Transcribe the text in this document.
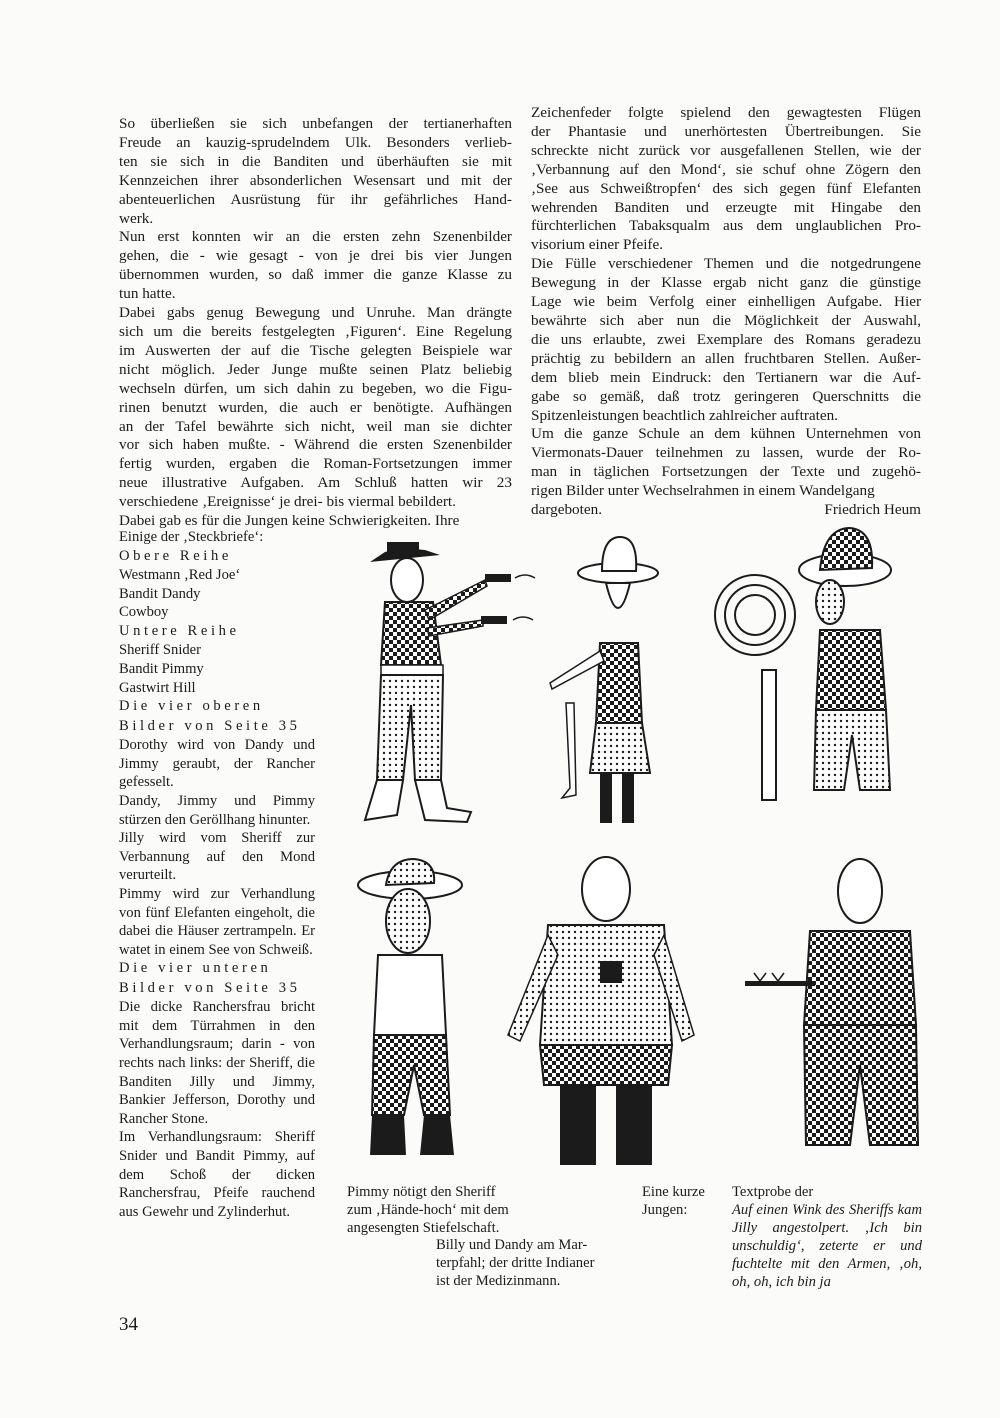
So überließen sie sich unbefangen der tertianerhaften

Freude an kauzig-sprudelndem Ulk. Besonders verlieb-

ten sie sich in die Banditen und überhäuften sie mit

Kennzeichen ihrer absonderlichen Wesensart und mit der

abenteuerlichen Ausrüstung für ihr gefährliches Hand-

werk.

Nun erst konnten wir an die ersten zehn Szenenbilder

gehen, die - wie gesagt - von je drei bis vier Jungen

übernommen wurden, so daß immer die ganze Klasse zu

tun hatte.

Dabei gabs genug Bewegung und Unruhe. Man drängte

sich um die bereits festgelegten ‚Figuren‘. Eine Regelung

im Auswerten der auf die Tische gelegten Beispiele war

nicht möglich. Jeder Junge mußte seinen Platz beliebig

wechseln dürfen, um sich dahin zu begeben, wo die Figu-

rinen benutzt wurden, die auch er benötigte. Aufhängen

an der Tafel bewährte sich nicht, weil man sie dichter

vor sich haben mußte. - Während die ersten Szenenbilder

fertig wurden, ergaben die Roman-Fortsetzungen immer

neue illustrative Aufgaben. Am Schluß hatten wir 23

verschiedene ‚Ereignisse‘ je drei- bis viermal bebildert.

Dabei gab es für die Jungen keine Schwierigkeiten. Ihre

Zeichenfeder folgte spielend den gewagtesten Flügen

der Phantasie und unerhörtesten Übertreibungen. Sie

schreckte nicht zurück vor ausgefallenen Stellen, wie der

‚Verbannung auf den Mond‘, sie schuf ohne Zögern den

‚See aus Schweißtropfen‘ des sich gegen fünf Elefanten

wehrenden Banditen und erzeugte mit Hingabe den

fürchterlichen Tabaksqualm aus dem unglaublichen Pro-

visorium einer Pfeife.

Die Fülle verschiedener Themen und die notgedrungene

Bewegung in der Klasse ergab nicht ganz die günstige

Lage wie beim Verfolg einer einhelligen Aufgabe. Hier

bewährte sich aber nun die Möglichkeit der Auswahl,

die uns erlaubte, zwei Exemplare des Romans geradezu

prächtig zu bebildern an allen fruchtbaren Stellen. Außer-

dem blieb mein Eindruck: den Tertianern war die Auf-

gabe so gemäß, daß trotz geringeren Querschnitts die

Spitzenleistungen beachtlich zahlreicher auftraten.

Um die ganze Schule an dem kühnen Unternehmen von

Viermonats-Dauer teilnehmen zu lassen, wurde der Ro-

man in täglichen Fortsetzungen der Texte und zugehö-

rigen Bilder unter Wechselrahmen in einem Wandelgang

dargeboten.	Friedrich Heum

Einige der ‚Steckbriefe‘:

Obere Reihe

Westmann ‚Red Joe‘

Bandit Dandy

Cowboy

Untere Reihe

Sheriff Snider

Bandit Pimmy

Gastwirt Hill

Die vier oberen

Bilder von Seite 35

Dorothy wird von Dandy und Jimmy geraubt, der Rancher gefesselt.

Dandy, Jimmy und Pimmy stürzen den Geröllhang hinunter.

Jilly wird vom Sheriff zur Verbannung auf den Mond verurteilt.

Pimmy wird zur Verhandlung von fünf Elefanten eingeholt, die dabei die Häuser zertrampeln. Er watet in einem See von Schweiß.

Die vier unteren

Bilder von Seite 35

Die dicke Ranchersfrau bricht mit dem Türrahmen in den Verhandlungsraum; darin - von rechts nach links: der Sheriff, die Banditen Jilly und Jimmy, Bankier Jefferson, Dorothy und Rancher Stone.

Im Verhandlungsraum: Sheriff Snider und Bandit Pimmy, auf dem Schoß der dicken Ranchersfrau, Pfeife rauchend aus Gewehr und Zylinderhut.

Pimmy nötigt den Sheriff
zum ‚Hände-hoch‘ mit dem
angesengten Stiefelschaft.
Billy und Dandy am Mar-
terpfahl; der dritte Indianer
ist der Medizinmann.
Eine kurze
Jungen:
Textprobe der
Auf einen Wink des Sheriffs kam Jilly angestolpert. ‚Ich bin unschuldig‘, zeterte er und fuchtelte mit den Armen, ‚oh, oh, oh, ich bin ja
34
